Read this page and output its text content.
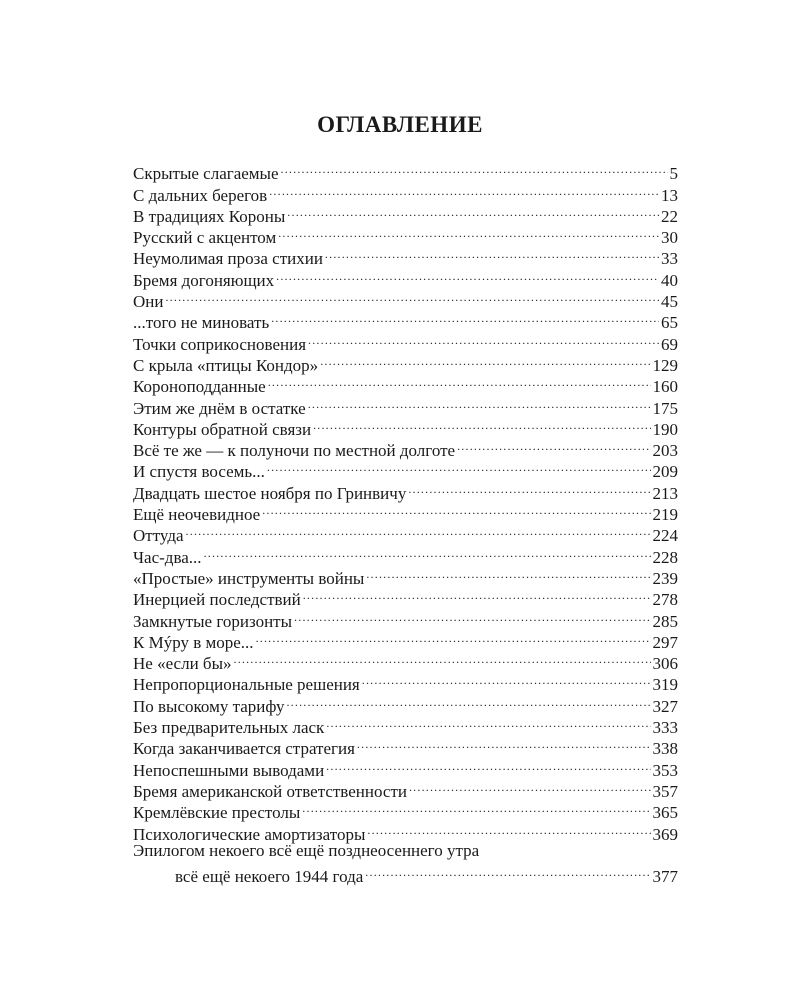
ОГЛАВЛЕНИЕ
Скрытые слагаемые .....	5
С дальних берегов .....	13
В традициях Короны .....	22
Русский с акцентом .....	30
Неумолимая проза стихии .....	33
Бремя догоняющих .....	40
Они .....	45
...того не миновать .....	65
Точки соприкосновения .....	69
С крыла «птицы Кондор» .....	129
Короноподданные .....	160
Этим же днём в остатке .....	175
Контуры обратной связи .....	190
Всё те же — к полуночи по местной долготе .....	203
И спустя восемь... .....	209
Двадцать шестое ноября по Гринвичу .....	213
Ещё неочевидное .....	219
Оттуда .....	224
Час-два... .....	228
«Простые» инструменты войны .....	239
Инерцией последствий .....	278
Замкнутые горизонты .....	285
К Мýру в море... .....	297
Не «если бы» .....	306
Непропорциональные решения .....	319
По высокому тарифу .....	327
Без предварительных ласк .....	333
Когда заканчивается стратегия .....	338
Непоспешными выводами .....	353
Бремя американской ответственности .....	357
Кремлёвские престолы .....	365
Психологические амортизаторы .....	369
Эпилогом некоего всё ещё позднеосеннего утра
всё ещё некоего 1944 года .....	377
